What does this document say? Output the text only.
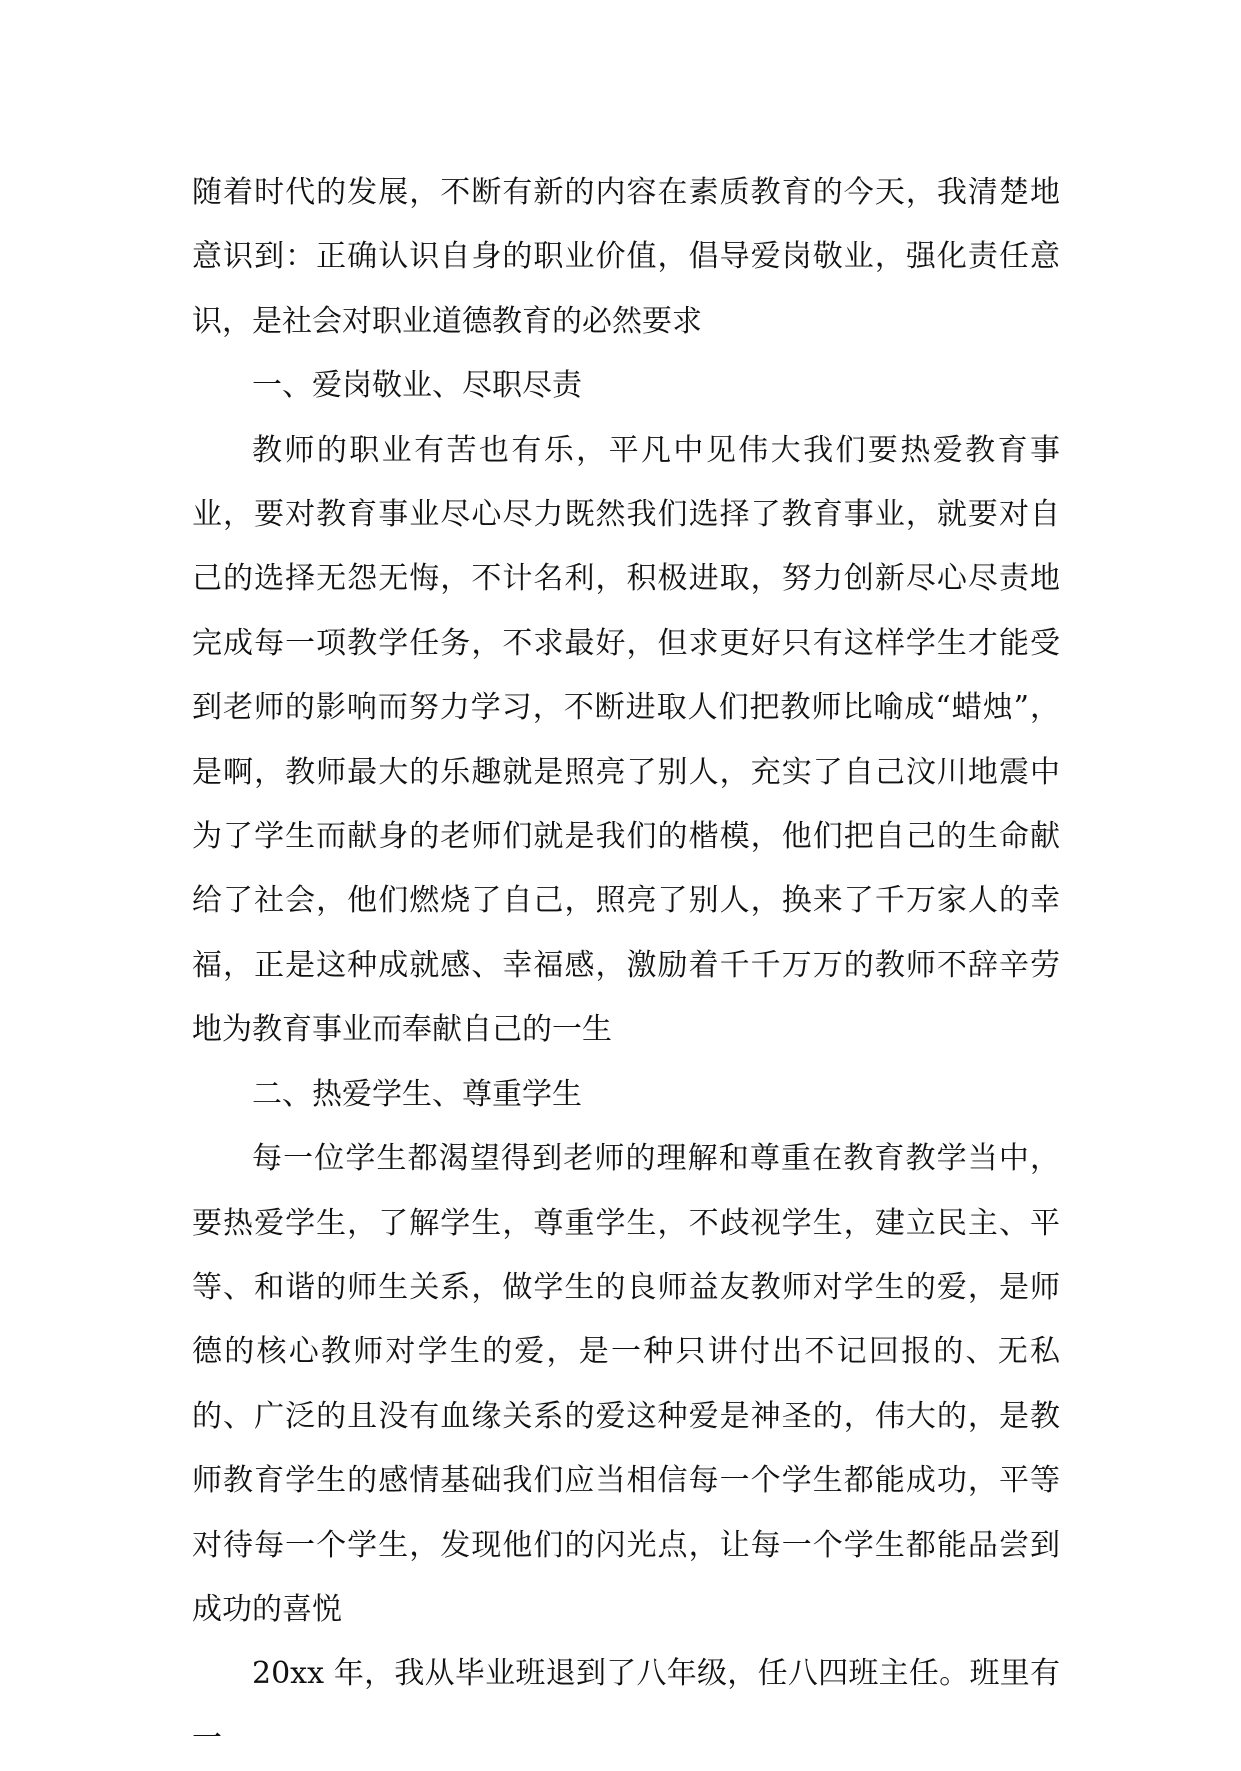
随着时代的发展，不断有新的内容在素质教育的今天，我清楚地意识到：正确认识自身的职业价值，倡导爱岗敬业，强化责任意识，是社会对职业道德教育的必然要求

一、爱岗敬业、尽职尽责

教师的职业有苦也有乐，平凡中见伟大我们要热爱教育事业，要对教育事业尽心尽力既然我们选择了教育事业，就要对自己的选择无怨无悔，不计名利，积极进取，努力创新尽心尽责地完成每一项教学任务，不求最好，但求更好只有这样学生才能受到老师的影响而努力学习，不断进取人们把教师比喻成“蜡烛”，是啊，教师最大的乐趣就是照亮了别人，充实了自己汶川地震中为了学生而献身的老师们就是我们的楷模，他们把自己的生命献给了社会，他们燃烧了自己，照亮了别人，换来了千万家人的幸福，正是这种成就感、幸福感，激励着千千万万的教师不辞辛劳地为教育事业而奉献自己的一生

二、热爱学生、尊重学生

每一位学生都渴望得到老师的理解和尊重在教育教学当中，要热爱学生，了解学生，尊重学生，不歧视学生，建立民主、平等、和谐的师生关系，做学生的良师益友教师对学生的爱，是师德的核心教师对学生的爱，是一种只讲付出不记回报的、无私的、广泛的且没有血缘关系的爱这种爱是神圣的，伟大的，是教师教育学生的感情基础我们应当相信每一个学生都能成功，平等对待每一个学生，发现他们的闪光点，让每一个学生都能品尝到成功的喜悦

20xx 年，我从毕业班退到了八年级，任八四班主任。班里有一
